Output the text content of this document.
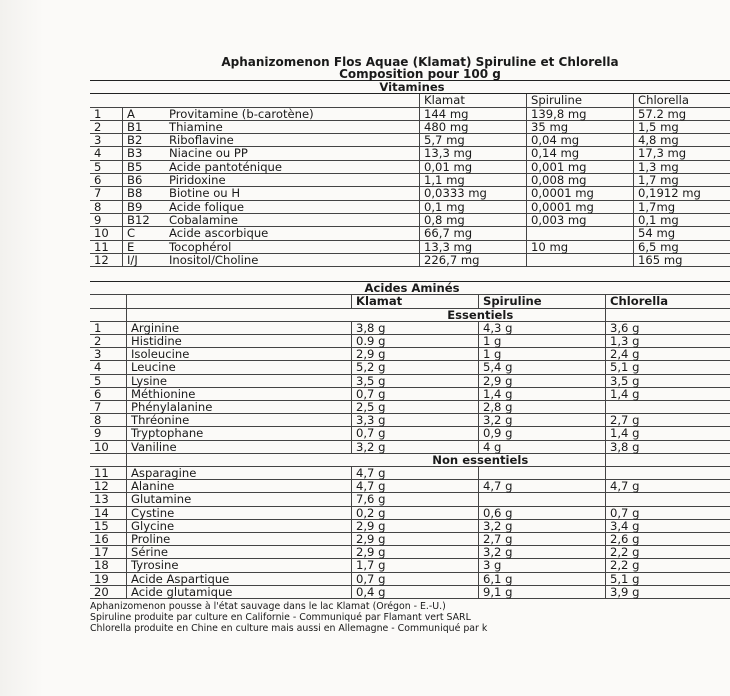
Aphanizomenon Flos Aquae (Klamat) Spiruline et Chlorella
Composition pour 100 g
Vitamines					
			Klamat	Spiruline	Chlorella
1	A	Provitamine (b-carotène)	144 mg	139,8 mg	57.2 mg
2	B1	Thiamine	480 mg	35 mg	1,5 mg
3	B2	Riboflavine	5,7 mg	0,04 mg	4,8 mg
4	B3	Niacine ou PP	13,3 mg	0,14 mg	17,3 mg
5	B5	Acide pantoténique	0,01 mg	0,001 mg	1,3 mg
6	B6	Piridoxine	1,1 mg	0,008 mg	1,7 mg
7	B8	Biotine ou H	0,0333 mg	0,0001 mg	0,1912 mg
8	B9	Acide folique	0,1 mg	0,0001 mg	1,7mg
9	B12	Cobalamine	0,8 mg	0,003 mg	0,1 mg
10	C	Acide ascorbique	66,7 mg		54 mg
11	E	Tocophérol	13,3 mg	10 mg	6,5 mg
12	I/J	Inositol/Choline	226,7 mg		165 mg
Acides Aminés				
		Klamat	Spiruline	Chlorella
		Essentiels		
1	Arginine	3,8 g	4,3 g	3,6 g
2	Histidine	0.9 g	1 g	1,3 g
3	Isoleucine	2,9 g	1 g	2,4 g
4	Leucine	5,2 g	5,4 g	5,1 g
5	Lysine	3,5 g	2,9 g	3,5 g
6	Méthionine	0,7 g	1,4 g	1,4 g
7	Phénylalanine	2,5 g	2,8 g	
8	Thréonine	3,3 g	3,2 g	2,7 g
9	Tryptophane	0,7 g	0,9 g	1,4 g
10	Vaniline	3,2 g	4 g	3,8 g
		Non essentiels		
11	Asparagine	4,7 g		
12	Alanine	4,7 g	4,7 g	4,7 g
13	Glutamine	7,6 g		
14	Cystine	0,2 g	0,6 g	0,7 g
15	Glycine	2,9 g	3,2 g	3,4 g
16	Proline	2,9 g	2,7 g	2,6 g
17	Sérine	2,9 g	3,2 g	2,2 g
18	Tyrosine	1,7 g	3 g	2,2 g
19	Acide Aspartique	0,7 g	6,1 g	5,1 g
20	Acide glutamique	0,4 g	9,1 g	3,9 g
Aphanizomenon pousse à l'état sauvage dans le lac Klamat (Orégon - E.-U.)
Spiruline produite par culture en Californie - Communiqué par Flamant vert SARL
Chlorella produite en Chine en culture mais aussi en Allemagne - Communiqué par k
